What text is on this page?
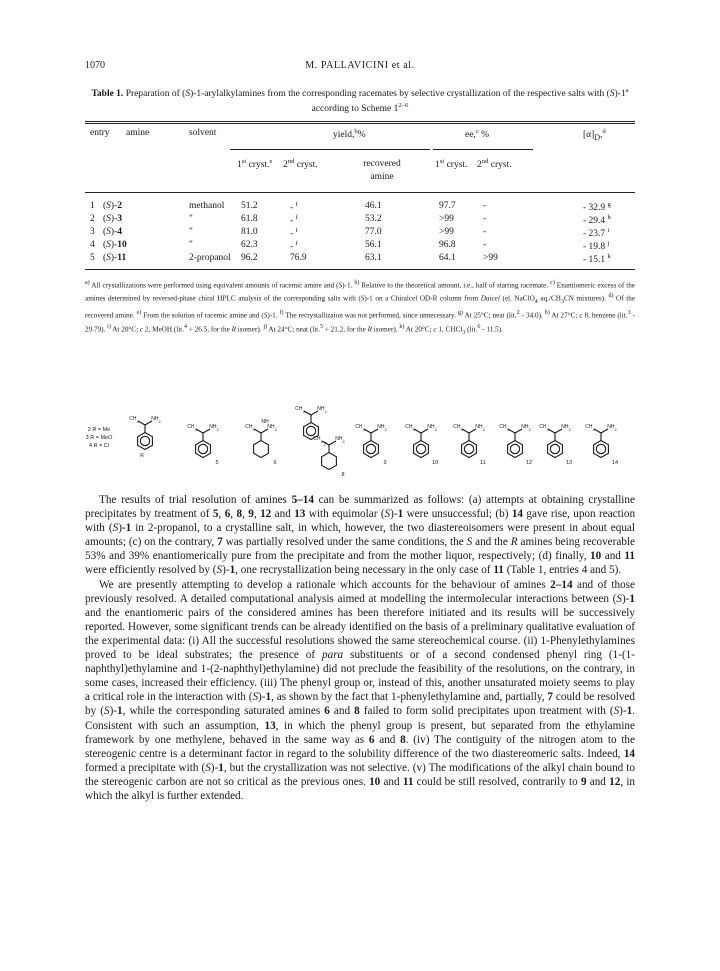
1070	M. PALLAVICINI et al.
Table 1. Preparation of (S)-1-arylalkylamines from the corresponding racemates by selective crystallization of the respective salts with (S)-1$^a$ according to Scheme 1$^{2-6}$
entry amine	solvent	yield,$^b$%	ee,$^c$ %	$[\alpha]_D,^d$
1st cryst.$^e$ 2nd cryst.	recovered amine
1st cryst. 2nd cryst.
1 (S)-2	methanol 51.2	- $^f$	46.1	97.7	-	- 32.9 $^g$
2 (S)-3	"	61.8	- $^f$	53.2	>99	-	- 29.4 $^h$
3 (S)-4	"	81.0	- $^f$	77.0	>99	-	- 23.7 $^i$
4 (S)-10	"	62.3	- $^f$	56.1	96.8	-	- 19.8 $^j$
5 (S)-11	2-propanol 96.2	76.9	63.1	64.1	>99	- 15.1 $^k$
$^{a)}$ All crystallizations were performed using equivalent amounts of racemic amine and (S)-1. $^{b)}$ Relative to the theoretical amount, i.e., half of starting racemate. $^{c)}$ Enantiomeric excess of the amines determined by reversed-phase chiral HPLC analysis of the corresponding salts with (S)-1 on a Chiralcel OD-R column from Daicel (el. NaClO$_4$ $aq./CH_3CN$ mixtures). $^{d)}$ Of the recovered amine. $^{e)}$ From the solution of racemic amine and (S)-1. $^{f)}$ The recrystallizaion was not performed, since unnecessary. $^{g)}$ At 25°C; neat (lit.$^2$ - 34.0). $^{h)}$ At 27°C; c 8, benzene (lit.$^3$ - 29.79). $^{i)}$ At 20°C; c 2, MeOH (lit.$^4$ + 26.5, for the R isomer). $^{j)}$ At 24°C; neat (lit.$^5$ + 21.2, for the R isomer). $^{k)}$ At 20°C; c 1, CHCl$_3$ (lit.$^6$ - 11.5).
2 R = Me
3 R = MeO
4 R = Cl
$CH_3$	$NH_2$
R
$CH_3$	$NH_2$
5
$CH_3$	$NH_2$
6
$CH_3$	$NH_2$
7
$CH_3$	$NH_2$
8
$CH_3$	$NH_2$
9
$CH_3$	$NH_2$
10
$CH_3$	$NH_2$
11
$CH_3$	$NH_2$
12
$CH_3$	$NH_2$
13
$CH_3$	$NH_2$
14
NH

The results of trial resolution of amines 5–14 can be summarized as follows: (a) attempts at obtaining crystalline precipitates by treatment of 5, 6, 8, 9, 12 and 13 with equimolar (S)-1 were unsuccessful; (b) 14 gave rise, upon reaction with (S)-1 in 2-propanol, to a crystalline salt, in which, however, the two diastereoisomers were present in about equal amounts; (c) on the contrary, 7 was partially resolved under the same conditions, the S and the R amines being recoverable 53% and 39% enantiomerically pure from the precipitate and from the mother liquor, respectively; (d) finally, 10 and 11 were efficiently resolved by (S)-1, one recrystallization being necessary in the only case of 11 (Table 1, entries 4 and 5).

We are presently attempting to develop a rationale which accounts for the behaviour of amines 2–14 and of those previously resolved. A detailed computational analysis aimed at modelling the intermolecular interactions between (S)-1 and the enantiomeric pairs of the considered amines has been therefore initiated and its results will be successively reported. However, some significant trends can be already identified on the basis of a preliminary qualitative evaluation of the experimental data: (i) All the successful resolutions showed the same stereochemical course. (ii) 1-Phenylethylamines proved to be ideal substrates; the presence of para substituents or of a second condensed phenyl ring (1-(1-naphthyl)ethylamine and 1-(2-naphthyl)ethylamine) did not preclude the feasibility of the resolutions, on the contrary, in some cases, increased their efficiency. (iii) The phenyl group or, instead of this, another unsaturated moiety seems to play a critical role in the interaction with (S)-1, as shown by the fact that 1-phenylethylamine and, partially, 7 could be resolved by (S)-1, while the corresponding saturated amines 6 and 8 failed to form solid precipitates upon treatment with (S)-1. Consistent with such an assumption, 13, in which the phenyl group is present, but separated from the ethylamine framework by one methylene, behaved in the same way as 6 and 8. (iv) The contiguity of the nitrogen atom to the stereogenic centre is a determinant factor in regard to the solubility difference of the two diastereomeric salts. Indeed, 14 formed a precipitate with (S)-1, but the crystallization was not selective. (v) The modifications of the alkyl chain bound to the stereogenic carbon are not so critical as the previous ones. 10 and 11 could be still resolved, contrarily to 9 and 12, in which the alkyl is further extended.
